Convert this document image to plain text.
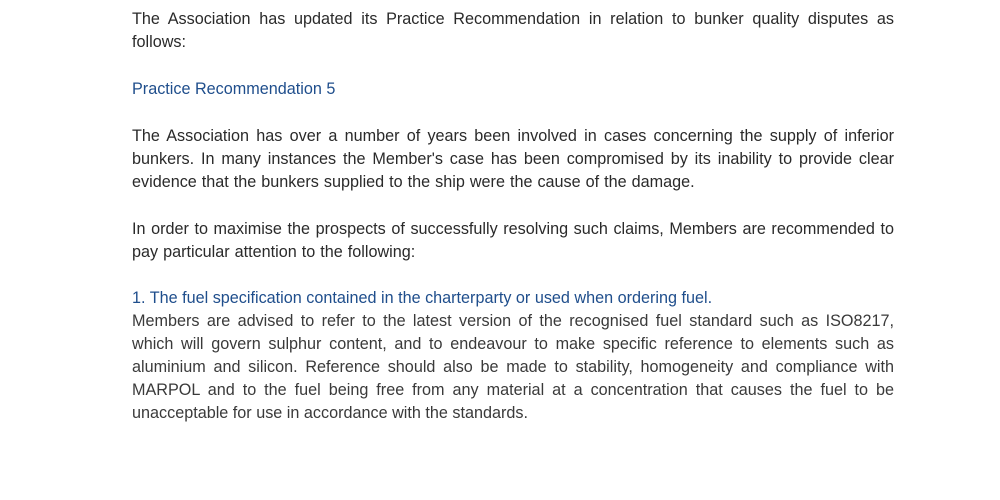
The Association has updated its Practice Recommendation in relation to bunker quality disputes as follows:

Practice Recommendation 5

The Association has over a number of years been involved in cases concerning the supply of inferior bunkers. In many instances the Member's case has been compromised by its inability to provide clear evidence that the bunkers supplied to the ship were the cause of the damage.

In order to maximise the prospects of successfully resolving such claims, Members are recommended to pay particular attention to the following:

1. The fuel specification contained in the charterparty or used when ordering fuel.

Members are advised to refer to the latest version of the recognised fuel standard such as ISO8217, which will govern sulphur content, and to endeavour to make specific reference to elements such as aluminium and silicon. Reference should also be made to stability, homogeneity and compliance with MARPOL and to the fuel being free from any material at a concentration that causes the fuel to be unacceptable for use in accordance with the standards.
